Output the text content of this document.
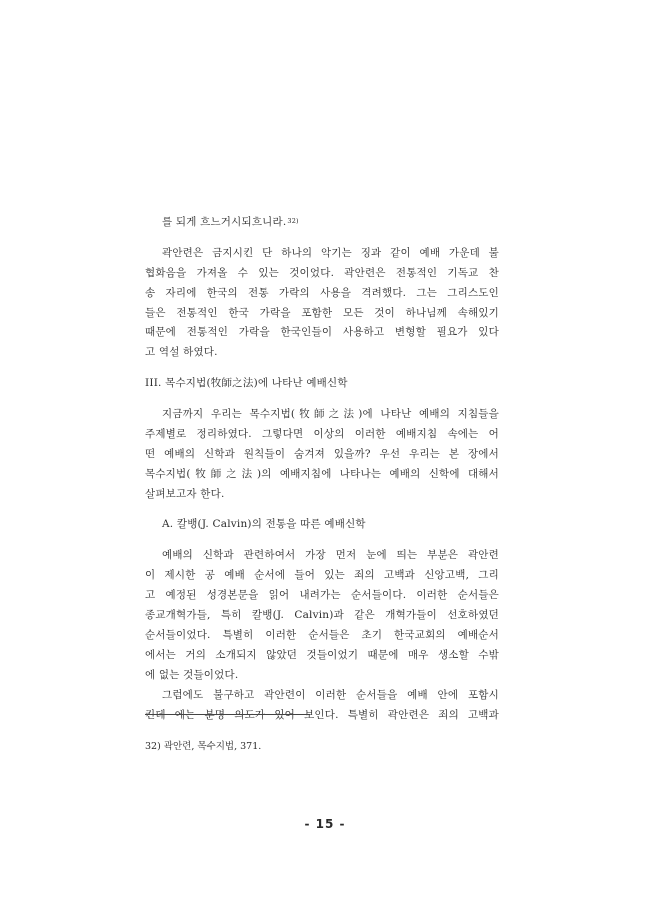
를 되게 흐느거시되흐니라.$^{32)}$
곽안련은 금지시킨 단 하나의 악기는 징과 같이 예배 가운데 불
협화음을 가져올 수 있는 것이었다. 곽안련은 전통적인 기독교 찬
송 자리에 한국의 전통 가락의 사용을 격려했다. 그는 그리스도인
들은 전통적인 한국 가락을 포함한 모든 것이 하나님께 속해있기
때문에 전통적인 가락을 한국인들이 사용하고 변형할 필요가 있다
고 역설 하였다.
III. 목수지법(牧師之法)에 나타난 예배신학
지금까지 우리는 목수지법(牧師之法)에 나타난 예배의 지침들을
주제별로 정리하였다. 그렇다면 이상의 이러한 예배지침 속에는 어
떤 예배의 신학과 원칙들이 숨겨져 있을까? 우선 우리는 본 장에서
목수지법(牧師之法)의 예배지침에 나타나는 예배의 신학에 대해서
살펴보고자 한다.
A. 칼뱅(J. Calvin)의 전통을 따른 예배신학
예배의 신학과 관련하여서 가장 먼저 눈에 띄는 부분은 곽안련
이 제시한 공 예배 순서에 들어 있는 죄의 고백과 신앙고백, 그리
고 예정된 성경본문을 읽어 내려가는 순서들이다. 이러한 순서들은
종교개혁가들, 특히 칼뱅(J. Calvin)과 같은 개혁가들이 선호하였던
순서들이었다. 특별히 이러한 순서들은 초기 한국교회의 예배순서
에서는 거의 소개되지 않았던 것들이었기 때문에 매우 생소할 수밖
에 없는 것들이었다.
그럼에도 불구하고 곽안련이 이러한 순서들을 예배 안에 포함시
킨데 에는 분명 의도가 있어 보인다. 특별히 곽안련은 죄의 고백과
32) 곽안련, 목수지법, 371.
- 15 -
